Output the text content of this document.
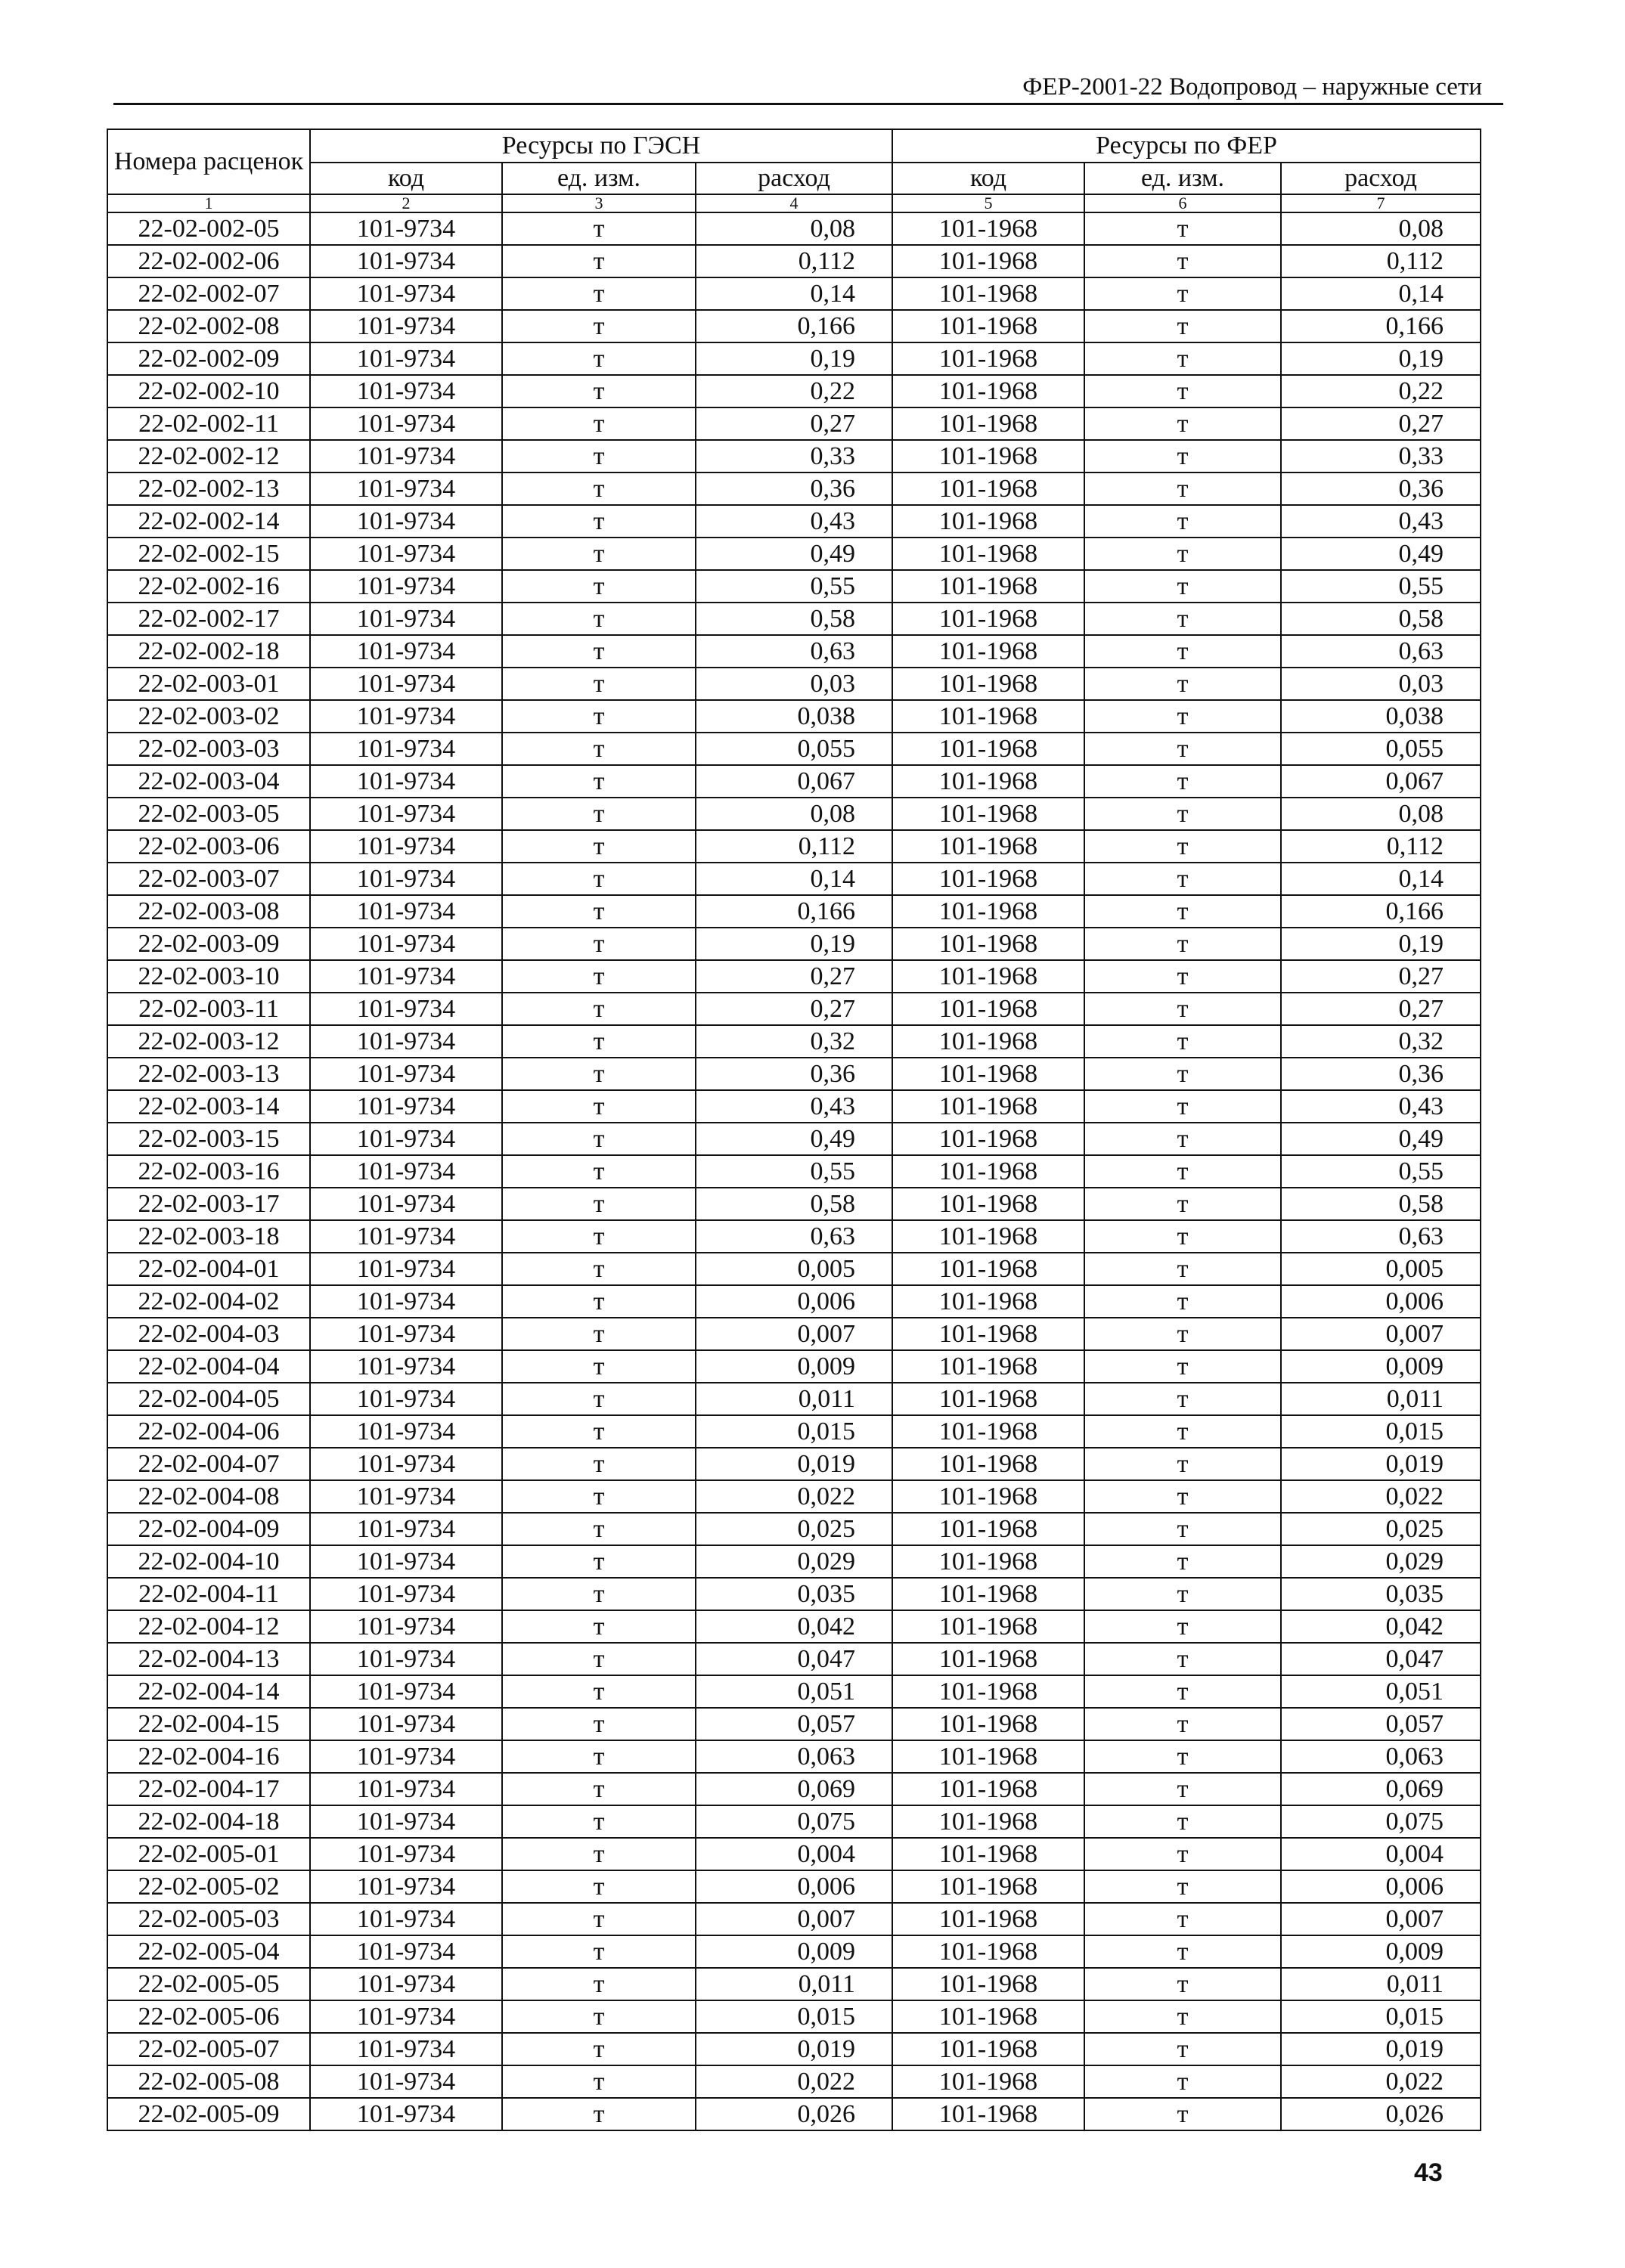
ФЕР-2001-22 Водопровод – наружные сети
Номера расценок	Ресурсы по ГЭСН			Ресурсы по ФЕР		
	код	ед. изм.	расход	код	ед. изм.	расход
1	2	3	4	5	6	7
22-02-002-05	101-9734	т	0,08	101-1968	т	0,08
22-02-002-06	101-9734	т	0,112	101-1968	т	0,112
22-02-002-07	101-9734	т	0,14	101-1968	т	0,14
22-02-002-08	101-9734	т	0,166	101-1968	т	0,166
22-02-002-09	101-9734	т	0,19	101-1968	т	0,19
22-02-002-10	101-9734	т	0,22	101-1968	т	0,22
22-02-002-11	101-9734	т	0,27	101-1968	т	0,27
22-02-002-12	101-9734	т	0,33	101-1968	т	0,33
22-02-002-13	101-9734	т	0,36	101-1968	т	0,36
22-02-002-14	101-9734	т	0,43	101-1968	т	0,43
22-02-002-15	101-9734	т	0,49	101-1968	т	0,49
22-02-002-16	101-9734	т	0,55	101-1968	т	0,55
22-02-002-17	101-9734	т	0,58	101-1968	т	0,58
22-02-002-18	101-9734	т	0,63	101-1968	т	0,63
22-02-003-01	101-9734	т	0,03	101-1968	т	0,03
22-02-003-02	101-9734	т	0,038	101-1968	т	0,038
22-02-003-03	101-9734	т	0,055	101-1968	т	0,055
22-02-003-04	101-9734	т	0,067	101-1968	т	0,067
22-02-003-05	101-9734	т	0,08	101-1968	т	0,08
22-02-003-06	101-9734	т	0,112	101-1968	т	0,112
22-02-003-07	101-9734	т	0,14	101-1968	т	0,14
22-02-003-08	101-9734	т	0,166	101-1968	т	0,166
22-02-003-09	101-9734	т	0,19	101-1968	т	0,19
22-02-003-10	101-9734	т	0,27	101-1968	т	0,27
22-02-003-11	101-9734	т	0,27	101-1968	т	0,27
22-02-003-12	101-9734	т	0,32	101-1968	т	0,32
22-02-003-13	101-9734	т	0,36	101-1968	т	0,36
22-02-003-14	101-9734	т	0,43	101-1968	т	0,43
22-02-003-15	101-9734	т	0,49	101-1968	т	0,49
22-02-003-16	101-9734	т	0,55	101-1968	т	0,55
22-02-003-17	101-9734	т	0,58	101-1968	т	0,58
22-02-003-18	101-9734	т	0,63	101-1968	т	0,63
22-02-004-01	101-9734	т	0,005	101-1968	т	0,005
22-02-004-02	101-9734	т	0,006	101-1968	т	0,006
22-02-004-03	101-9734	т	0,007	101-1968	т	0,007
22-02-004-04	101-9734	т	0,009	101-1968	т	0,009
22-02-004-05	101-9734	т	0,011	101-1968	т	0,011
22-02-004-06	101-9734	т	0,015	101-1968	т	0,015
22-02-004-07	101-9734	т	0,019	101-1968	т	0,019
22-02-004-08	101-9734	т	0,022	101-1968	т	0,022
22-02-004-09	101-9734	т	0,025	101-1968	т	0,025
22-02-004-10	101-9734	т	0,029	101-1968	т	0,029
22-02-004-11	101-9734	т	0,035	101-1968	т	0,035
22-02-004-12	101-9734	т	0,042	101-1968	т	0,042
22-02-004-13	101-9734	т	0,047	101-1968	т	0,047
22-02-004-14	101-9734	т	0,051	101-1968	т	0,051
22-02-004-15	101-9734	т	0,057	101-1968	т	0,057
22-02-004-16	101-9734	т	0,063	101-1968	т	0,063
22-02-004-17	101-9734	т	0,069	101-1968	т	0,069
22-02-004-18	101-9734	т	0,075	101-1968	т	0,075
22-02-005-01	101-9734	т	0,004	101-1968	т	0,004
22-02-005-02	101-9734	т	0,006	101-1968	т	0,006
22-02-005-03	101-9734	т	0,007	101-1968	т	0,007
22-02-005-04	101-9734	т	0,009	101-1968	т	0,009
22-02-005-05	101-9734	т	0,011	101-1968	т	0,011
22-02-005-06	101-9734	т	0,015	101-1968	т	0,015
22-02-005-07	101-9734	т	0,019	101-1968	т	0,019
22-02-005-08	101-9734	т	0,022	101-1968	т	0,022
22-02-005-09	101-9734	т	0,026	101-1968	т	0,026
43
